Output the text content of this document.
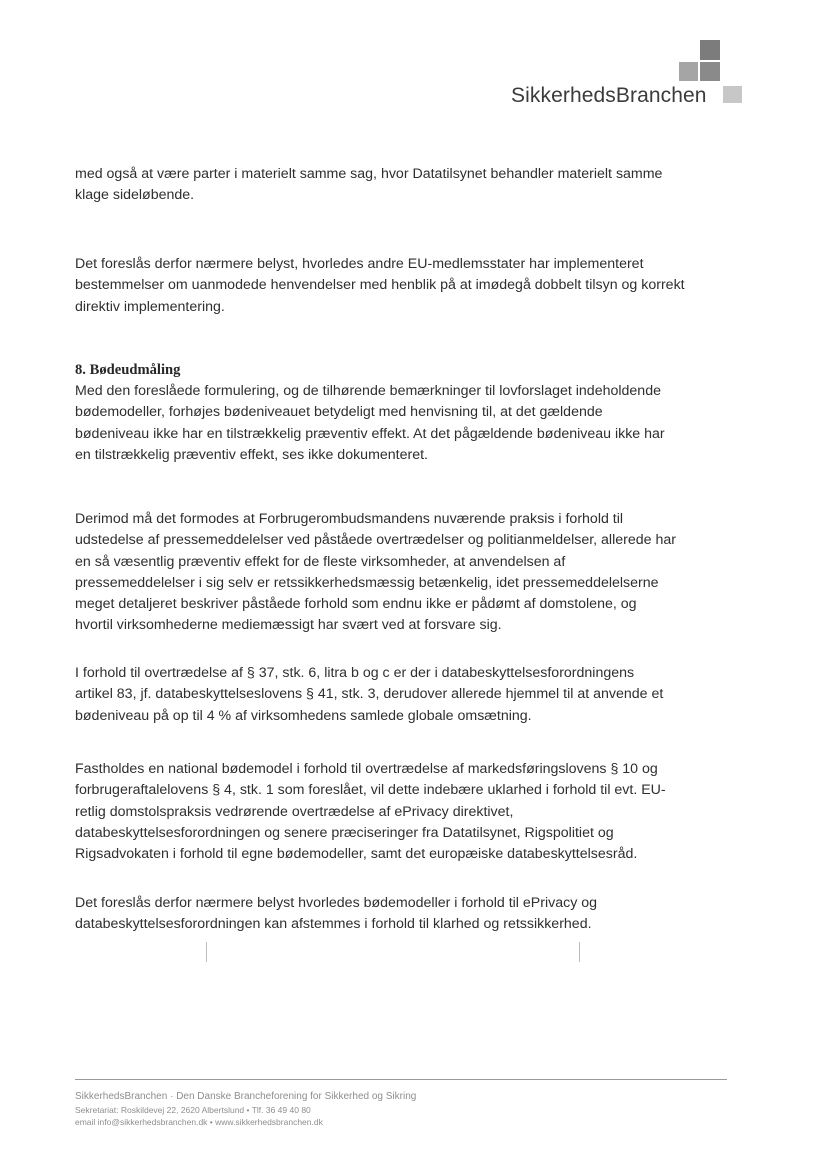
SikkerhedsBranchen

med også at være parter i materielt samme sag, hvor Datatilsynet behandler materielt samme
klage sideløbende.

Det foreslås derfor nærmere belyst, hvorledes andre EU-medlemsstater har implementeret
bestemmelser om uanmodede henvendelser med henblik på at imødegå dobbelt tilsyn og korrekt
direktiv implementering.

8. Bødeudmåling

Med den foreslåede formulering, og de tilhørende bemærkninger til lovforslaget indeholdende
bødemodeller, forhøjes bødeniveauet betydeligt med henvisning til, at det gældende
bødeniveau ikke har en tilstrækkelig præventiv effekt. At det pågældende bødeniveau ikke har
en tilstrækkelig præventiv effekt, ses ikke dokumenteret.

Derimod må det formodes at Forbrugerombudsmandens nuværende praksis i forhold til
udstedelse af pressemeddelelser ved påståede overtrædelser og politianmeldelser, allerede har
en så væsentlig præventiv effekt for de fleste virksomheder, at anvendelsen af
pressemeddelelser i sig selv er retssikkerhedsmæssig betænkelig, idet pressemeddelelserne
meget detaljeret beskriver påståede forhold som endnu ikke er pådømt af domstolene, og
hvortil virksomhederne mediemæssigt har svært ved at forsvare sig.

I forhold til overtrædelse af § 37, stk. 6, litra b og c er der i databeskyttelsesforordningens
artikel 83, jf. databeskyttelseslovens § 41, stk. 3, derudover allerede hjemmel til at anvende et
bødeniveau på op til 4 % af virksomhedens samlede globale omsætning.

Fastholdes en national bødemodel i forhold til overtrædelse af markedsføringslovens § 10 og
forbrugeraftalelovens § 4, stk. 1 som foreslået, vil dette indebære uklarhed i forhold til evt. EU-
retlig domstolspraksis vedrørende overtrædelse af ePrivacy direktivet,
databeskyttelsesforordningen og senere præciseringer fra Datatilsynet, Rigspolitiet og
Rigsadvokaten i forhold til egne bødemodeller, samt det europæiske databeskyttelsesråd.

Det foreslås derfor nærmere belyst hvorledes bødemodeller i forhold til ePrivacy og
databeskyttelsesforordningen kan afstemmes i forhold til klarhed og retssikkerhed.

SikkerhedsBranchen · Den Danske Brancheforening for Sikkerhed og Sikring
Sekretariat: Roskildevej 22, 2620 Albertslund • Tlf. 36 49 40 80
email info@sikkerhedsbranchen.dk • www.sikkerhedsbranchen.dk
